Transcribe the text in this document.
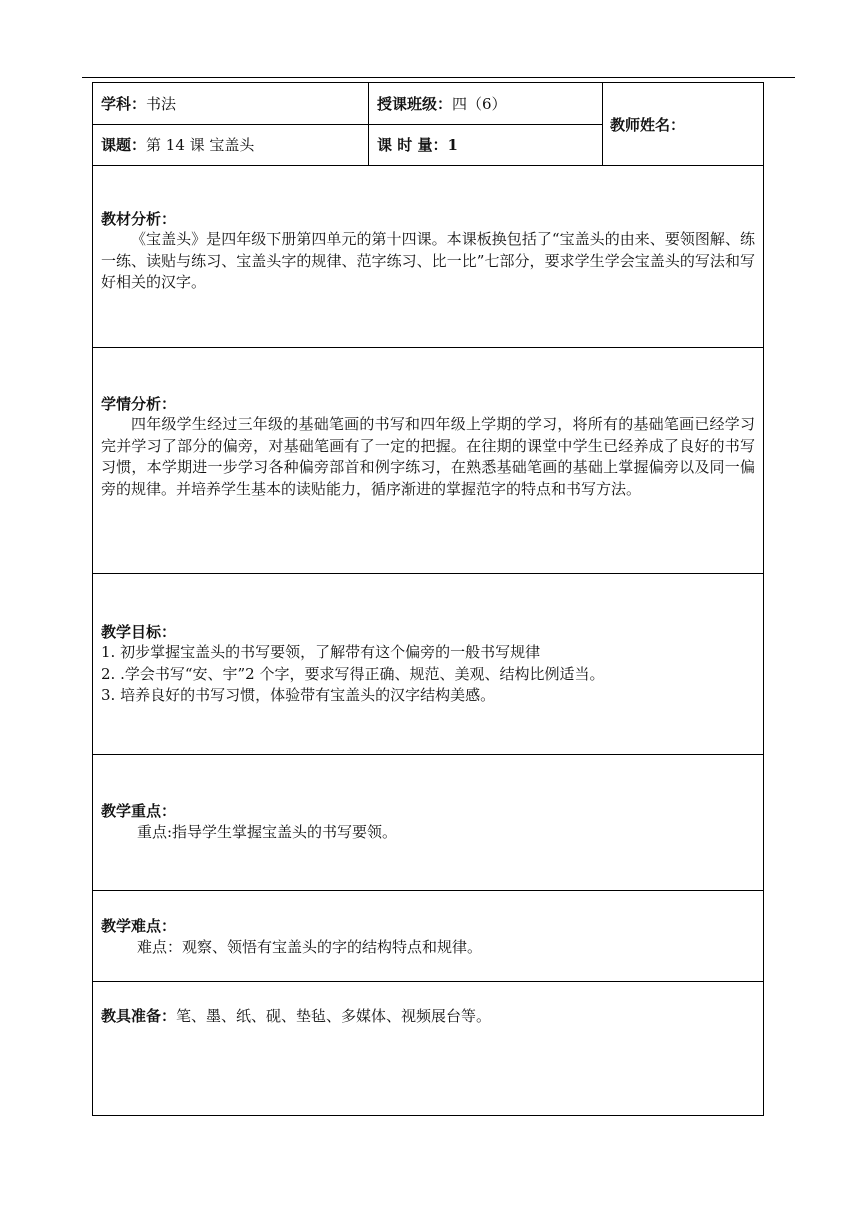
学科：书法	授课班级：四（6）
教师姓名：
课题：第 14 课 宝盖头	课 时 量：1
教材分析：

《宝盖头》是四年级下册第四单元的第十四课。本课板换包括了“宝盖头的由来、要领图解、练一练、读贴与练习、宝盖头字的规律、范字练习、比一比”七部分，要求学生学会宝盖头的写法和写好相关的汉字。

学情分析：

四年级学生经过三年级的基础笔画的书写和四年级上学期的学习，将所有的基础笔画已经学习完并学习了部分的偏旁，对基础笔画有了一定的把握。在往期的课堂中学生已经养成了良好的书写习惯，本学期进一步学习各种偏旁部首和例字练习，在熟悉基础笔画的基础上掌握偏旁以及同一偏旁的规律。并培养学生基本的读贴能力，循序渐进的掌握范字的特点和书写方法。

教学目标：
1. 初步掌握宝盖头的书写要领，了解带有这个偏旁的一般书写规律
2. .学会书写“安、宇”2 个字，要求写得正确、规范、美观、结构比例适当。
3. 培养良好的书写习惯，体验带有宝盖头的汉字结构美感。
教学重点：
重点:指导学生掌握宝盖头的书写要领。
教学难点：
难点：观察、领悟有宝盖头的字的结构特点和规律。
教具准备：笔、墨、纸、砚、垫毡、多媒体、视频展台等。
